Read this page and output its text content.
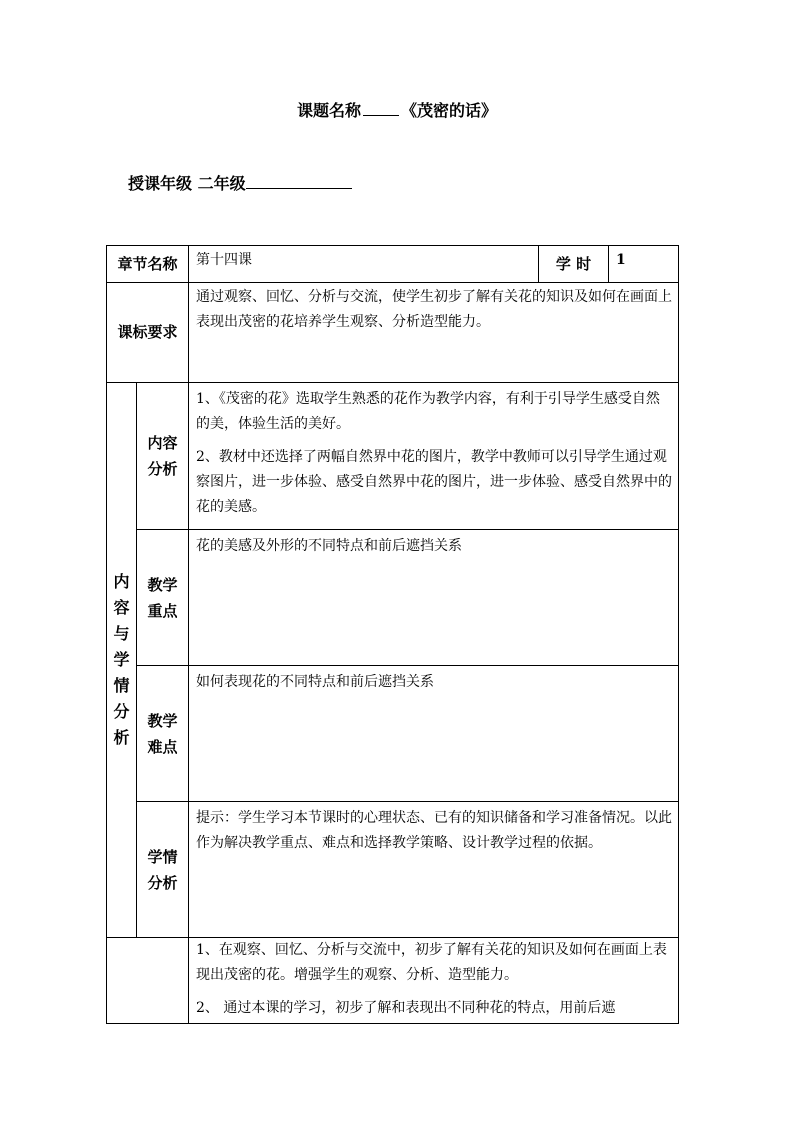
课题名称	《茂密的话》
授课年级 二年级
章节名称		第十四课	学 时	1
课标要求		通过观察、回忆、分析与交流，使学生初步了解有关花的知识及如何在画面上表现出茂密的花培养学生观察、分析造型能力。		

内容与学情分析	内容分析	1、《茂密的花》选取学生熟悉的花作为教学内容，有利于引导学生感受自然的美，体验生活的美好。

2、教材中还选择了两幅自然界中花的图片，教学中教师可以引导学生通过观察图片，进一步体验、感受自然界中花的图片，进一步体验、感受自然界中的花的美感。		

	教学重点	花的美感及外形的不同特点和前后遮挡关系		

	教学难点	如何表现花的不同特点和前后遮挡关系		

	学情分析	提示：学生学习本节课时的心理状态、已有的知识储备和学习准备情况。以此作为解决教学重点、难点和选择教学策略、设计教学过程的依据。		

		1、在观察、回忆、分析与交流中，初步了解有关花的知识及如何在画面上表现出茂密的花。增强学生的观察、分析、造型能力。

2、 通过本课的学习，初步了解和表现出不同种花的特点，用前后遮		
